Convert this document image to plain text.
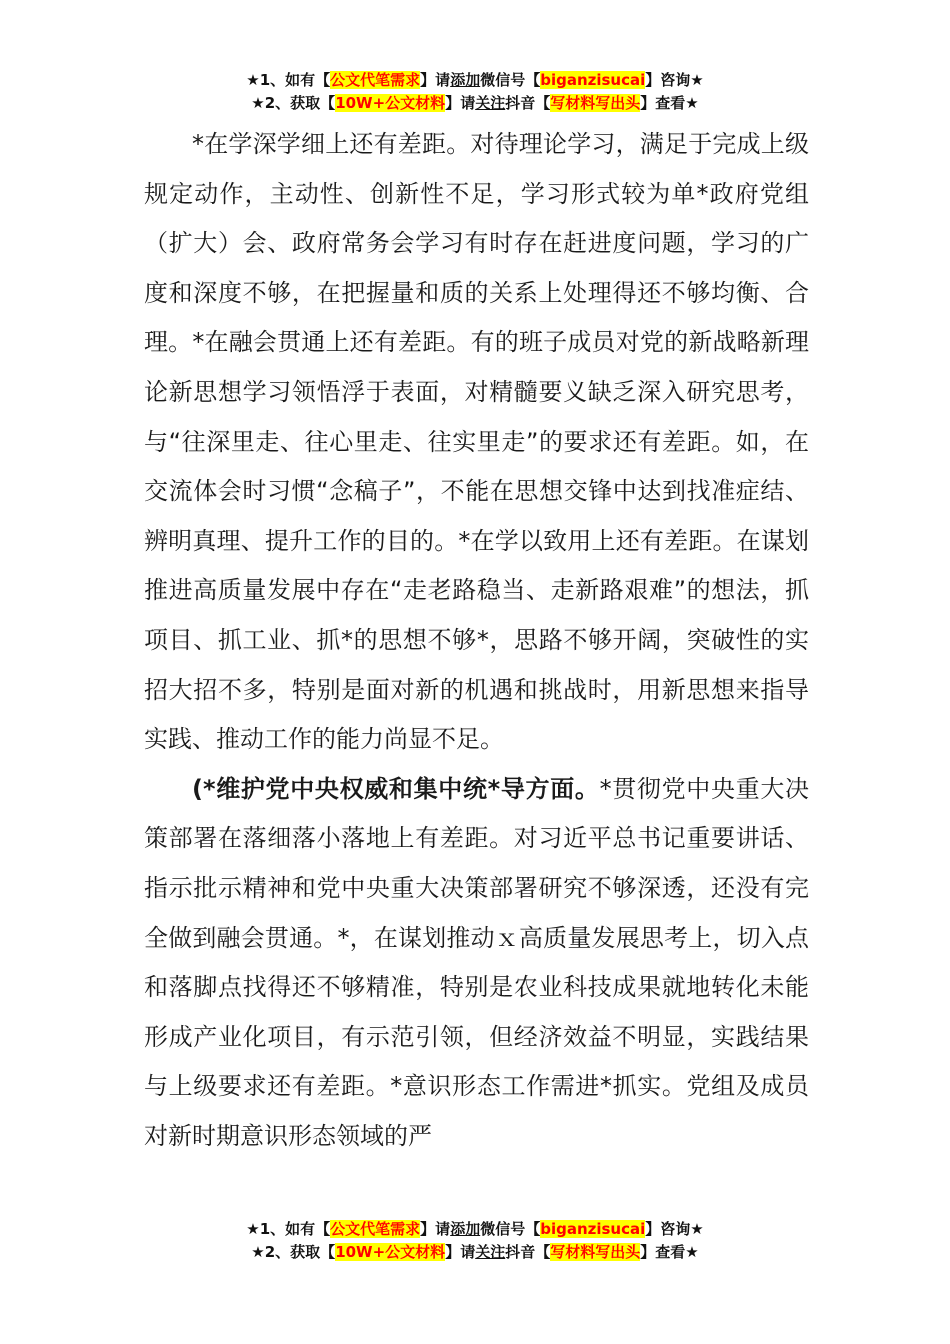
★1、如有【公文代笔需求】请添加微信号【biganzisucai】咨询★
★2、获取【10W+公文材料】请关注抖音【写材料写出头】查看★

*在学深学细上还有差距。对待理论学习，满足于完成上级规定动作，主动性、创新性不足，学习形式较为单*政府党组（扩大）会、政府常务会学习有时存在赶进度问题，学习的广度和深度不够，在把握量和质的关系上处理得还不够均衡、合理。*在融会贯通上还有差距。有的班子成员对党的新战略新理论新思想学习领悟浮于表面，对精髓要义缺乏深入研究思考，与“往深里走、往心里走、往实里走”的要求还有差距。如，在交流体会时习惯“念稿子”，不能在思想交锋中达到找准症结、辨明真理、提升工作的目的。*在学以致用上还有差距。在谋划推进高质量发展中存在“走老路稳当、走新路艰难”的想法，抓项目、抓工业、抓*的思想不够*，思路不够开阔，突破性的实招大招不多，特别是面对新的机遇和挑战时，用新思想来指导实践、推动工作的能力尚显不足。

(*维护党中央权威和集中统*导方面。*贯彻党中央重大决策部署在落细落小落地上有差距。对习近平总书记重要讲话、指示批示精神和党中央重大决策部署研究不够深透，还没有完全做到融会贯通。*，在谋划推动ｘ高质量发展思考上，切入点和落脚点找得还不够精准，特别是农业科技成果就地转化未能形成产业化项目，有示范引领，但经济效益不明显，实践结果与上级要求还有差距。*意识形态工作需进*抓实。党组及成员对新时期意识形态领域的严

★1、如有【公文代笔需求】请添加微信号【biganzisucai】咨询★
★2、获取【10W+公文材料】请关注抖音【写材料写出头】查看★
